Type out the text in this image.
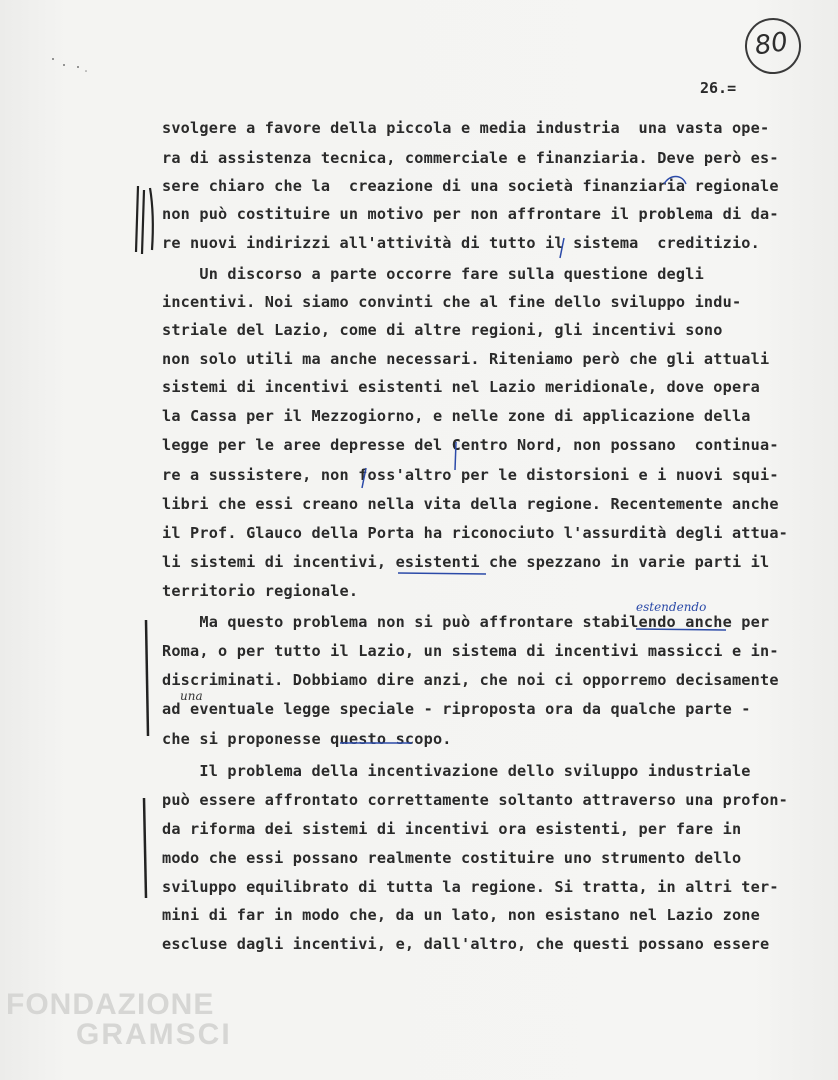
80
26.=
svolgere a favore della piccola e media industria  una vasta ope-
ra di assistenza tecnica, commerciale e finanziaria. Deve però es-
sere chiaro che la  creazione di una società finanziaria regionale
non può costituire un motivo per non affrontare il problema di da-
re nuovi indirizzi all'attività di tutto il sistema  creditizio.
Un discorso a parte occorre fare sulla questione degli
incentivi. Noi siamo convinti che al fine dello sviluppo indu-
striale del Lazio, come di altre regioni, gli incentivi sono
non solo utili ma anche necessari. Riteniamo però che gli attuali
sistemi di incentivi esistenti nel Lazio meridionale, dove opera
la Cassa per il Mezzogiorno, e nelle zone di applicazione della
legge per le aree depresse del Centro Nord, non possano  continua-
re a sussistere, non foss'altro per le distorsioni e i nuovi squi-
libri che essi creano nella vita della regione. Recentemente anche
il Prof. Glauco della Porta ha riconociuto l'assurdità degli attua-
li sistemi di incentivi, esistenti che spezzano in varie parti il
territorio regionale.
Ma questo problema non si può affrontare stabilendo anche per
Roma, o per tutto il Lazio, un sistema di incentivi massicci e in-
discriminati. Dobbiamo dire anzi, che noi ci opporremo decisamente
ad eventuale legge speciale - riproposta ora da qualche parte -
che si proponesse questo scopo.
Il problema della incentivazione dello sviluppo industriale
può essere affrontato correttamente soltanto attraverso una profon-
da riforma dei sistemi di incentivi ora esistenti, per fare in
modo che essi possano realmente costituire uno strumento dello
sviluppo equilibrato di tutta la regione. Si tratta, in altri ter-
mini di far in modo che, da un lato, non esistano nel Lazio zone
escluse dagli incentivi, e, dall'altro, che questi possano essere
estendendo
una
FONDAZIONE
GRAMSCI
